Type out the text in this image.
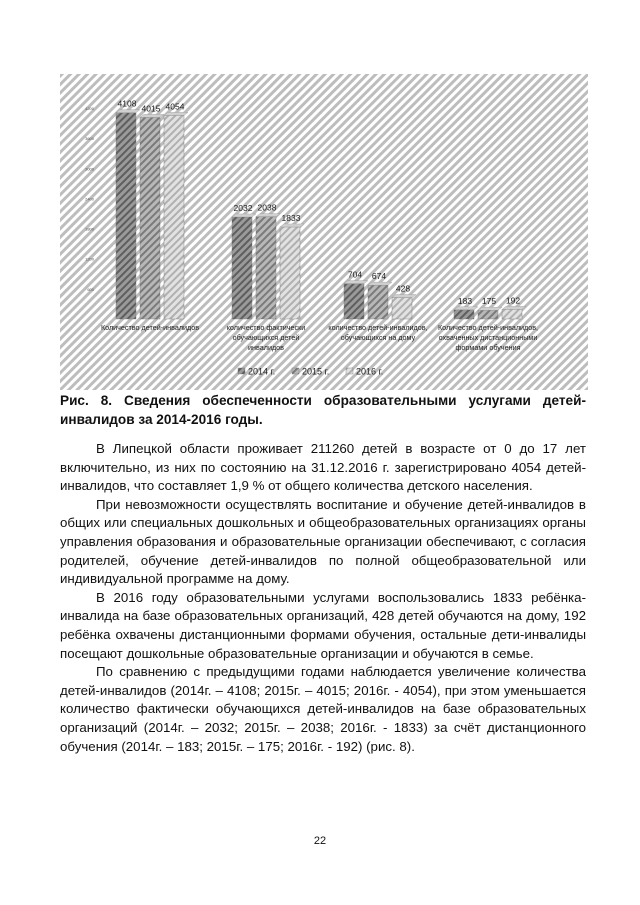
600
1200
1800
2400
3000
3600
4200	4108 4015 4054
2032 2038
1833
704 674
428
183 175 192
Количество детей-инвалидов	количество фактически
обучающихся детей
инвалидов
количество детей-инвалидов,
обучающихся на дому
Количество детей-инвалидов,
охваченных дистанционными
формами обучения
2014 г.	2015 г.	2016 г.
Рис. 8. Сведения обеспеченности образовательными услугами детей-инвалидов за 2014-2016 годы.

В Липецкой области проживает 211260 детей в возрасте от 0 до 17 лет включительно, из них по состоянию на 31.12.2016 г. зарегистрировано 4054 детей-инвалидов, что составляет 1,9 % от общего количества детского населения.

При невозможности осуществлять воспитание и обучение детей-инвалидов в общих или специальных дошкольных и общеобразовательных организациях органы управления образования и образовательные организации обеспечивают, с согласия родителей, обучение детей-инвалидов по полной общеобразовательной или индивидуальной программе на дому.

В 2016 году образовательными услугами воспользовались 1833 ребёнка-инвалида на базе образовательных организаций, 428 детей обучаются на дому, 192 ребёнка охвачены дистанционными формами обучения, остальные дети-инвалиды посещают дошкольные образовательные организации и обучаются в семье.

По сравнению с предыдущими годами наблюдается увеличение количества детей-инвалидов (2014г. – 4108; 2015г. – 4015; 2016г. - 4054), при этом уменьшается количество фактически обучающихся детей-инвалидов на базе образовательных организаций (2014г. – 2032; 2015г. – 2038; 2016г. - 1833) за счёт дистанционного обучения (2014г. – 183; 2015г. – 175; 2016г. - 192) (рис. 8).

22
